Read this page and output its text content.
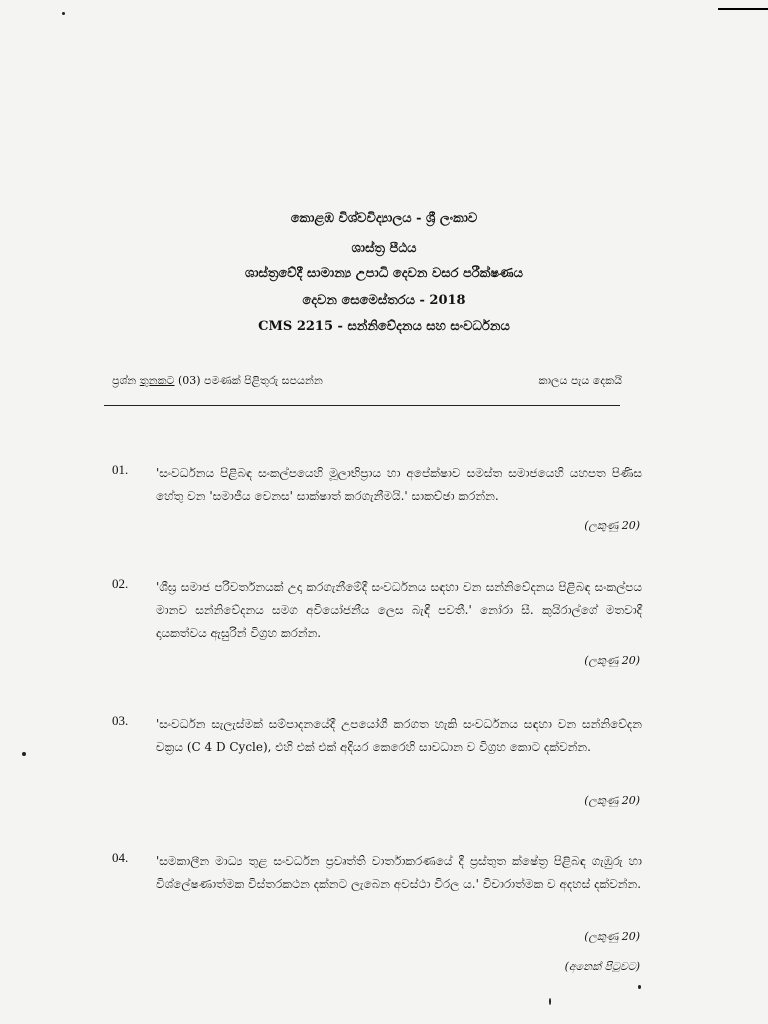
කොළඹ විශ්වවිද්‍යාලය - ශ්‍රී ලංකාව
ශාස්ත්‍ර පීඨය
ශාස්ත්‍රවේදී සාමාන්‍ය උපාධි දෙවන වසර පරීක්ෂණය
දෙවන සෙමෙස්තරය - 2018
CMS 2215 - සන්නිවේදනය සහ සංවර්ධනය
ප්‍රශ්න තුනකට (03) පමණක් පිළිතුරු සපයන්න	කාලය පැය දෙකයි
01. 'සංවර්ධනය පිළිබඳ සංකල්පයෙහි මූලාභිප්‍රාය හා අපේක්ෂාව සමස්ත සමාජයෙහි යහපත පිණිස හේතු වන 'සමාජීය වෙනස' සාක්ෂාත් කරගැනීමයි.' සාකච්ඡා කරන්න.
(ලකුණු 20)
02. 'ශීඝ්‍ර සමාජ පරිවර්තනයක් උදා කරගැනීමේදී සංවර්ධනය සඳහා වන සන්නිවේදනය පිළිබඳ සංකල්පය මානව සන්නිවේදනය සමග අවියෝජනීය ලෙස බැඳී පවතී.' නෝරා සී. කුයිරාල්ගේ මතවාදී දායකත්වය ඇසුරින් විග්‍රහ කරන්න.
(ලකුණු 20)
03. 'සංවර්ධන සැලැස්මක් සම්පාදනයේදී උපයෝගී කරගත හැකි සංවර්ධනය සඳහා වන සන්නිවේදන චක්‍රය (C 4 D Cycle), එහි එක් එක් අදියර කෙරෙහි සාවධාන ව විග්‍රහ කොට දක්වන්න.
(ලකුණු 20)
04. 'සමකාලීන මාධ්‍ය තුළ සංවර්ධන ප්‍රවෘත්ති වාර්තාකරණයේ දී ප්‍රස්තුත ක්ෂේත්‍ර පිළිබඳ ගැඹුරු හා විශ්ලේෂණාත්මක විස්තරකථන දක්නට ලැබෙන අවස්ථා විරල ය.' විචාරාත්මක ව අදහස් දක්වන්න.
(ලකුණු 20)
(අනෙක් පිටුවට)
